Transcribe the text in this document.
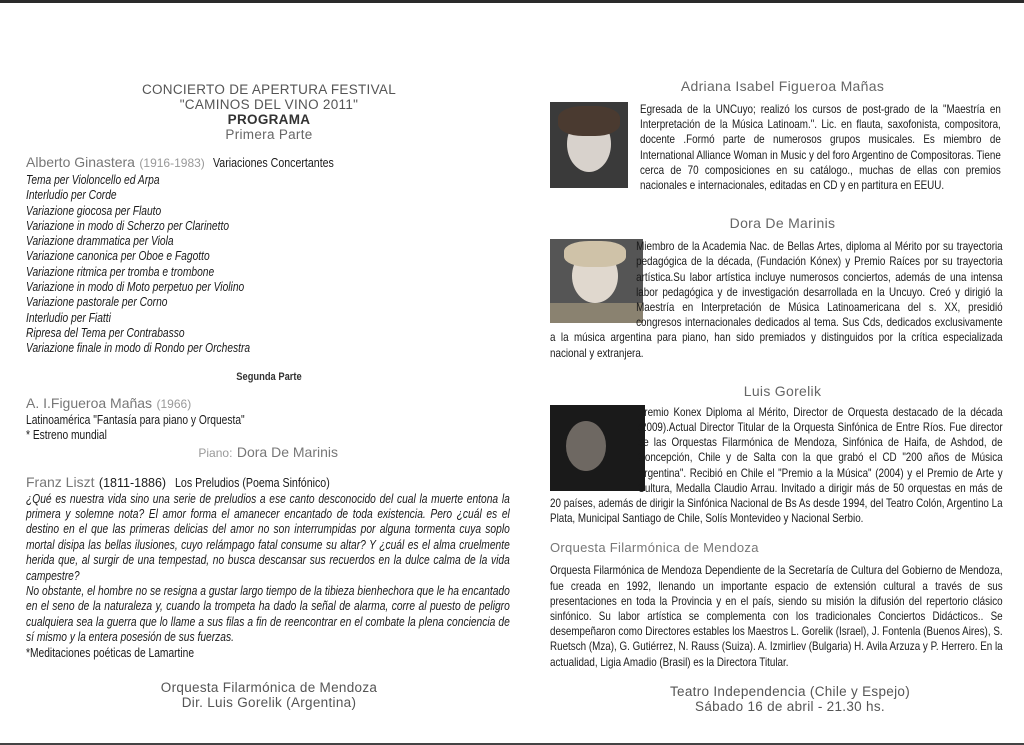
CONCIERTO DE APERTURA FESTIVAL
"CAMINOS DEL VINO 2011"
PROGRAMA
Primera Parte
Alberto Ginastera (1916-1983) Variaciones Concertantes
Tema per Violoncello ed Arpa
Interludio per Corde
Variazione giocosa per Flauto
Variazione in modo di Scherzo per Clarinetto
Variazione drammatica per Viola
Variazione canonica per Oboe e Fagotto
Variazione ritmica per tromba e trombone
Variazione in modo di Moto perpetuo per Violino
Variazione pastorale per Corno
Interludio per Fiatti
Ripresa del Tema per Contrabasso
Variazione finale in modo di Rondo per Orchestra
Segunda Parte
A. I.Figueroa Mañas (1966)
Latinoamérica "Fantasía para piano y Orquesta"
* Estreno mundial
Piano: Dora De Marinis
Franz Liszt (1811-1886) Los Preludios (Poema Sinfónico)
¿Qué es nuestra vida sino una serie de preludios a ese canto desconocido del cual la muerte entona la primera y solemne nota? El amor forma el amanecer encantado de toda existencia. Pero ¿cuál es el destino en el que las primeras delicias del amor no son interrumpidas por alguna tormenta cuya soplo mortal disipa las bellas ilusiones, cuyo relámpago fatal consume su altar? Y ¿cuál es el alma cruelmente herida que, al surgir de una tempestad, no busca descansar sus recuerdos en la dulce calma de la vida campestre?
No obstante, el hombre no se resigna a gustar largo tiempo de la tibieza bienhechora que le ha encantado en el seno de la naturaleza y, cuando la trompeta ha dado la señal de alarma, corre al puesto de peligro cualquiera sea la guerra que lo llame a sus filas a fin de reencontrar en el combate la plena conciencia de sí mismo y la entera posesión de sus fuerzas.
*Meditaciones poéticas de Lamartine
Orquesta Filarmónica de Mendoza
Dir. Luis Gorelik (Argentina)
Adriana Isabel Figueroa Mañas
Egresada de la UNCuyo; realizó los cursos de post-grado de la "Maestría en Interpretación de la Música Latinoam.". Lic. en flauta, saxofonista, compositora, docente .Formó parte de numerosos grupos musicales. Es miembro de International Alliance Woman in Music y del foro Argentino de Compositoras. Tiene cerca de 70 composiciones en su catálogo., muchas de ellas con premios nacionales e internacionales, editadas en CD y en partitura en EEUU.
Dora De Marinis
Miembro de la Academia Nac. de Bellas Artes, diploma al Mérito por su trayectoria pedagógica de la década, (Fundación Kónex) y Premio Raíces por su trayectoria artística.Su labor artística incluye numerosos conciertos, además de una intensa labor pedagógica y de investigación desarrollada en la Uncuyo. Creó y dirigió la Maestría en Interpretación de Música Latinoamericana del s. XX, presidió congresos internacionales dedicados al tema. Sus Cds, dedicados exclusivamente a la música argentina para piano, han sido premiados y distinguidos por la crítica especializada nacional y extranjera.
Luis Gorelik
Premio Konex Diploma al Mérito, Director de Orquesta destacado de la década (2009).Actual Director Titular de la Orquesta Sinfónica de Entre Ríos. Fue director de las Orquestas Filarmónica de Mendoza, Sinfónica de Haifa, de Ashdod, de Concepción, Chile y de Salta con la que grabó el CD "200 años de Música Argentina". Recibió en Chile el "Premio a la Música" (2004) y el Premio de Arte y Cultura, Medalla Claudio Arrau. Invitado a dirigir más de 50 orquestas en más de 20 países, además de dirigir la Sinfónica Nacional de Bs As desde 1994, del Teatro Colón, Argentino La Plata, Municipal Santiago de Chile, Solís Montevideo y Nacional Serbio.
Orquesta Filarmónica de Mendoza
Orquesta Filarmónica de Mendoza Dependiente de la Secretaría de Cultura del Gobierno de Mendoza, fue creada en 1992, llenando un importante espacio de extensión cultural a través de sus presentaciones en toda la Provincia y en el país, siendo su misión la difusión del repertorio clásico sinfónico. Su labor artística se complementa con los tradicionales Conciertos Didácticos.. Se desempeñaron como Directores estables los Maestros L. Gorelik (Israel), J. Fontenla (Buenos Aires), S. Ruetsch (Mza), G. Gutiérrez, N. Rauss (Suiza). A. Izmirliev (Bulgaria) H. Avila Arzuza y P. Herrero. En la actualidad, Ligia Amadio (Brasil) es la Directora Titular.
Teatro Independencia (Chile y Espejo)
Sábado 16 de abril - 21.30 hs.
